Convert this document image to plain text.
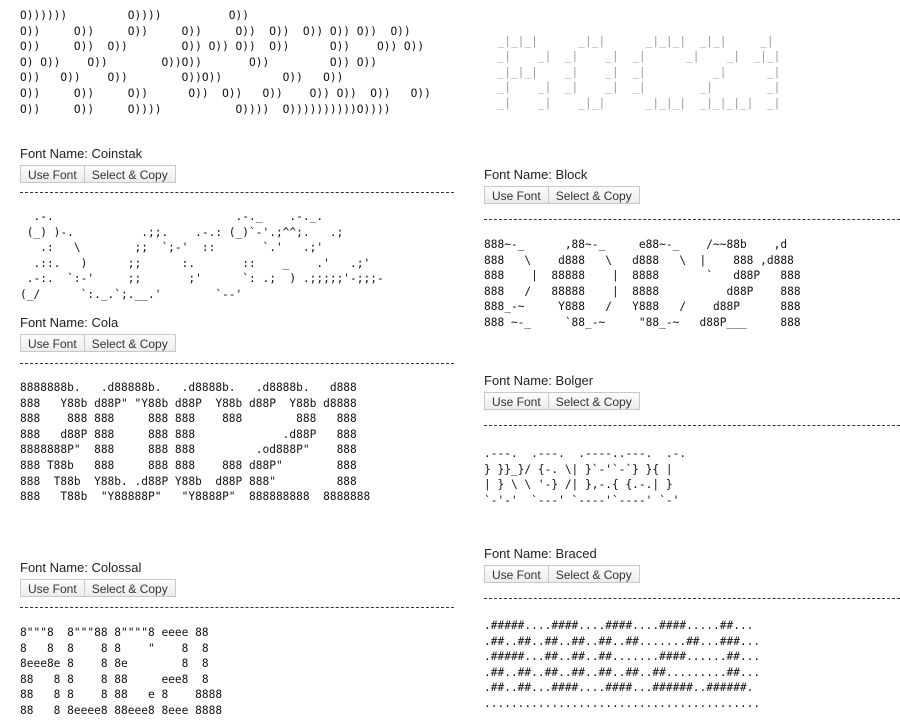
O))))))         O))))          O))
O))     O))     O))     O))     O))  O))  O)) O)) O))  O))
O))     O))  O))        O)) O)) O))  O))      O))    O)) O))
O) O))    O))        O))O))       O))         O)) O))
O))   O))    O))        O))O))         O))   O))
O))     O))     O))      O))  O))   O))    O)) O))  O))   O))
O))     O))     O))))           O))))  O))))))))))O))))

Font Name: Coinstak

Use Font	Select & Copy
.-.                           .-._    .-._.
(_) )-.          .;;.    .-.: (_)`-'.;^^;.   .;
.:   \        ;;  `;-'  ::       `.'   .;'
.::.   )      ;;      :.       ::    _    .'   .;'
.-:.  `:-'     ;;       ;'      `: .;  ) .;;;;;'-;;;-
(_/      `:._.`;.__.'        `--'

Font Name: Cola

Use Font	Select & Copy
8888888b.   .d88888b.   .d8888b.   .d8888b.   d888
888   Y88b d88P" "Y88b d88P  Y88b d88P  Y88b d8888
888    888 888     888 888    888        888   888
888   d88P 888     888 888             .d88P   888
8888888P"  888     888 888         .od888P"    888
888 T88b   888     888 888    888 d88P"        888
888  T88b  Y88b. .d88P Y88b  d88P 888"         888
888   T88b  "Y88888P"   "Y8888P"  888888888  8888888

Font Name: Colossal

Use Font	Select & Copy
8"""8  8"""88 8""""8 eeee 88
8   8  8    8 8    "    8  8
8eee8e 8    8 8e        8  8
88   8 8    8 88     eee8  8
88   8 8    8 88   e 8    8888
88   8 8eeee8 88eee8 8eee 8888

_|_|_|      _|_|      _|_|_|  _|_|     _|
_|    _|  _|    _|  _|      _|    _|  _|_|
_|_|_|    _|    _|  _|          _|      _|
_|    _|  _|    _|  _|        _|        _|
_|    _|    _|_|      _|_|_|  _|_|_|_|  _|

Font Name: Block

Use Font	Select & Copy
888~-_      ,88~-_     e88~-_    /~~88b    ,d
888   \    d888   \   d888   \  |    888 ,d888
888    |  88888    |  8888       `   d88P   888
888   /   88888    |  8888          d88P    888
888_-~     Y888   /   Y888   /    d88P      888
888 ~-_     `88_-~     "88_-~   d88P___     888

Font Name: Bolger

Use Font	Select & Copy
.---.  .---.  .----..---.  .-.
} }}_}/ {-. \| }`-'`-`} }{ |
| } \ \ '-} /| },-.{ {.-.| }
`-'-'  `---' `----'`----' `-'

Font Name: Braced

Use Font	Select & Copy
.#####....####....####....####.....##...
.##..##..##..##..##..##.......##...###...
.#####...##..##..##.......####......##...
.##..##..##..##..##..##..##.........##...
.##..##...####....####...######..######.
.........................................
